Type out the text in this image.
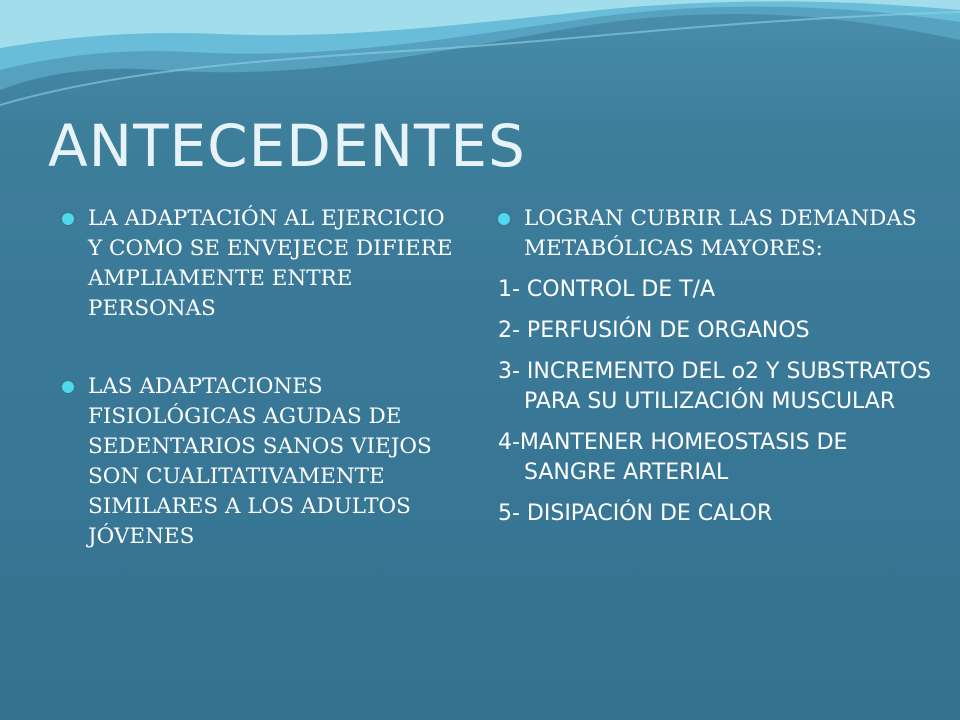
ANTECEDENTES

LA ADAPTACIÓN AL EJERCICIO Y COMO SE ENVEJECE DIFIERE AMPLIAMENTE ENTRE PERSONAS

LAS ADAPTACIONES FISIOLÓGICAS AGUDAS DE SEDENTARIOS SANOS VIEJOS SON CUALITATIVAMENTE SIMILARES A LOS ADULTOS JÓVENES

LOGRAN CUBRIR LAS DEMANDAS METABÓLICAS MAYORES:

1- CONTROL DE T/A

2- PERFUSIÓN DE ORGANOS

3- INCREMENTO DEL o2 Y SUBSTRATOS PARA SU UTILIZACIÓN MUSCULAR

4-MANTENER HOMEOSTASIS DE SANGRE ARTERIAL

5- DISIPACIÓN DE CALOR
